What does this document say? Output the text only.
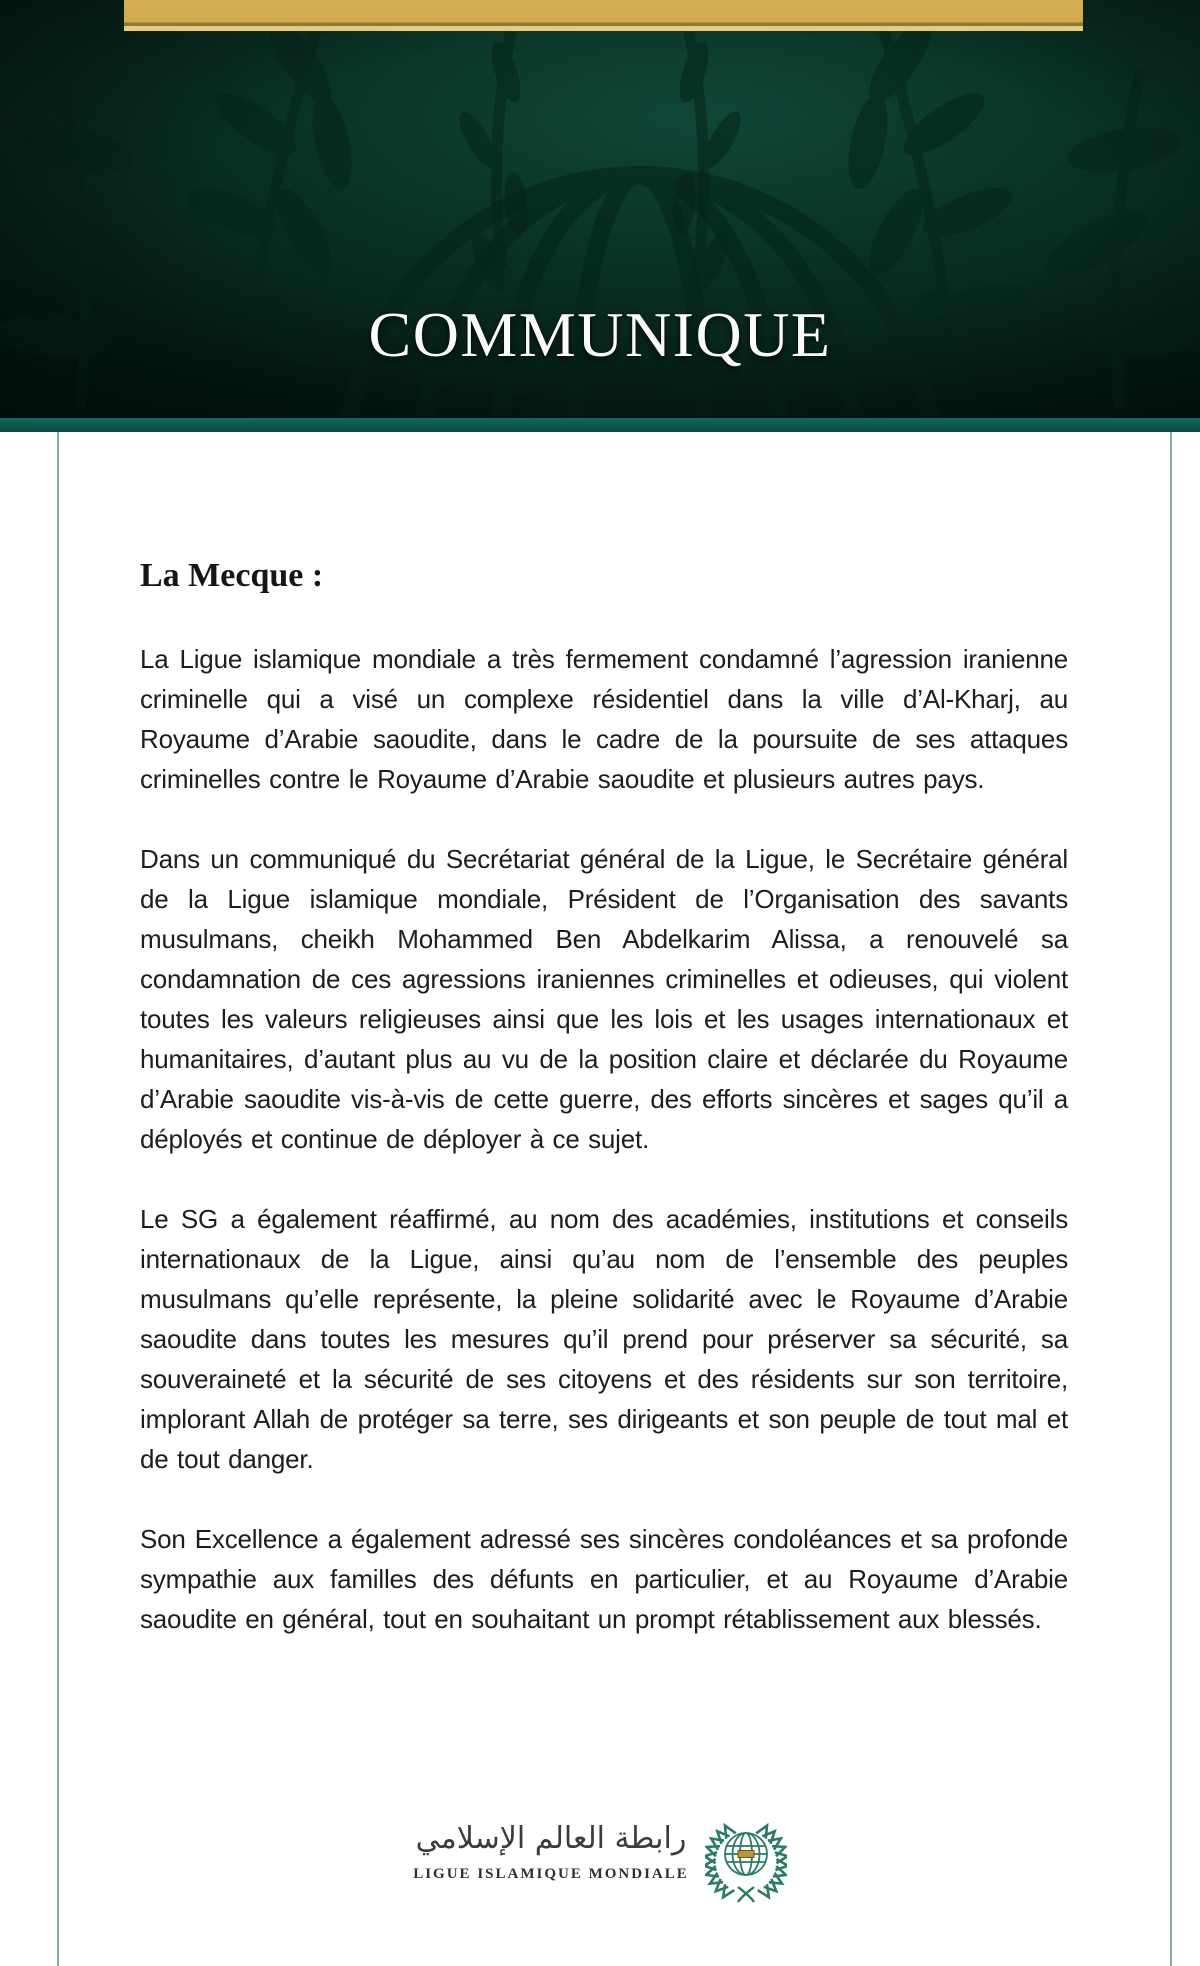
COMMUNIQUE
La Mecque :

La Ligue islamique mondiale a très fermement condamné l’agression iranienne criminelle qui a visé un complexe résidentiel dans la ville d’Al-Kharj, au Royaume d’Arabie saoudite, dans le cadre de la poursuite de ses attaques criminelles contre le Royaume d’Arabie saoudite et plusieurs autres pays.

Dans un communiqué du Secrétariat général de la Ligue, le Secrétaire général de la Ligue islamique mondiale, Président de l’Organisation des savants musulmans, cheikh Mohammed Ben Abdelkarim Alissa, a renouvelé sa condamnation de ces agressions iraniennes criminelles et odieuses, qui violent toutes les valeurs religieuses ainsi que les lois et les usages internationaux et humanitaires, d’autant plus au vu de la position claire et déclarée du Royaume d’Arabie saoudite vis-à-vis de cette guerre, des efforts sincères et sages qu’il a déployés et continue de déployer à ce sujet.

Le SG a également réaffirmé, au nom des académies, institutions et conseils internationaux de la Ligue, ainsi qu’au nom de l’ensemble des peuples musulmans qu’elle représente, la pleine solidarité avec le Royaume d’Arabie saoudite dans toutes les mesures qu’il prend pour préserver sa sécurité, sa souveraineté et la sécurité de ses citoyens et des résidents sur son territoire, implorant Allah de protéger sa terre, ses dirigeants et son peuple de tout mal et de tout danger.

Son Excellence a également adressé ses sincères condoléances et sa profonde sympathie aux familles des défunts en particulier, et au Royaume d’Arabie saoudite en général, tout en souhaitant un prompt rétablissement aux blessés.

رابطة العالم الإسلامي
LIGUE ISLAMIQUE MONDIALE
